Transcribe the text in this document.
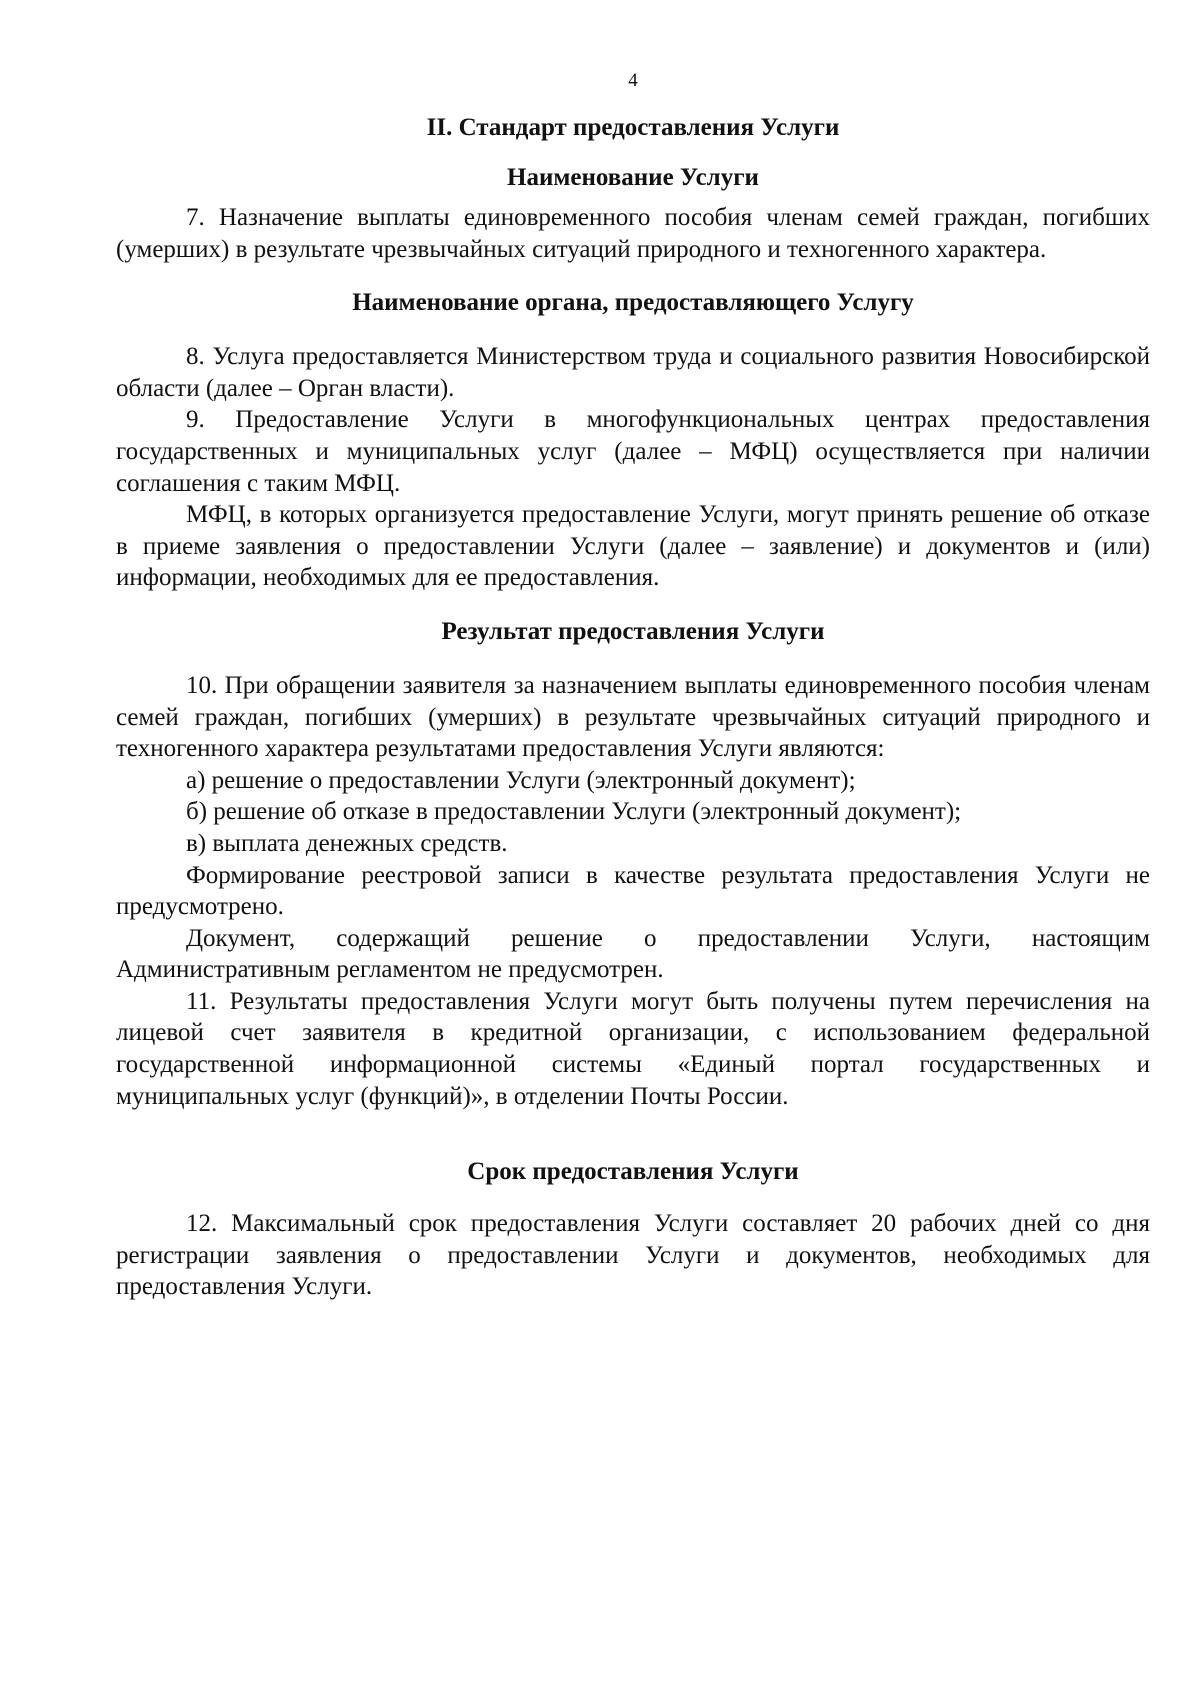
4
II. Стандарт предоставления Услуги
Наименование Услуги

7. Назначение выплаты единовременного пособия членам семей граждан, погибших (умерших) в результате чрезвычайных ситуаций природного и техногенного характера.

Наименование органа, предоставляющего Услугу

8. Услуга предоставляется Министерством труда и социального развития Новосибирской области (далее – Орган власти).

9. Предоставление Услуги в многофункциональных центрах предоставления государственных и муниципальных услуг (далее – МФЦ) осуществляется при наличии соглашения с таким МФЦ.

МФЦ, в которых организуется предоставление Услуги, могут принять решение об отказе в приеме заявления о предоставлении Услуги (далее – заявление) и документов и (или) информации, необходимых для ее предоставления.

Результат предоставления Услуги

10. При обращении заявителя за назначением выплаты единовременного пособия членам семей граждан, погибших (умерших) в результате чрезвычайных ситуаций природного и техногенного характера результатами предоставления Услуги являются:

а) решение о предоставлении Услуги (электронный документ);

б) решение об отказе в предоставлении Услуги (электронный документ);

в) выплата денежных средств.

Формирование реестровой записи в качестве результата предоставления Услуги не предусмотрено.

Документ, содержащий решение о предоставлении Услуги, настоящим Административным регламентом не предусмотрен.

11. Результаты предоставления Услуги могут быть получены путем перечисления на лицевой счет заявителя в кредитной организации, с использованием федеральной государственной информационной системы «Единый портал государственных и муниципальных услуг (функций)», в отделении Почты России.

Срок предоставления Услуги

12. Максимальный срок предоставления Услуги составляет 20 рабочих дней со дня регистрации заявления о предоставлении Услуги и документов, необходимых для предоставления Услуги.
